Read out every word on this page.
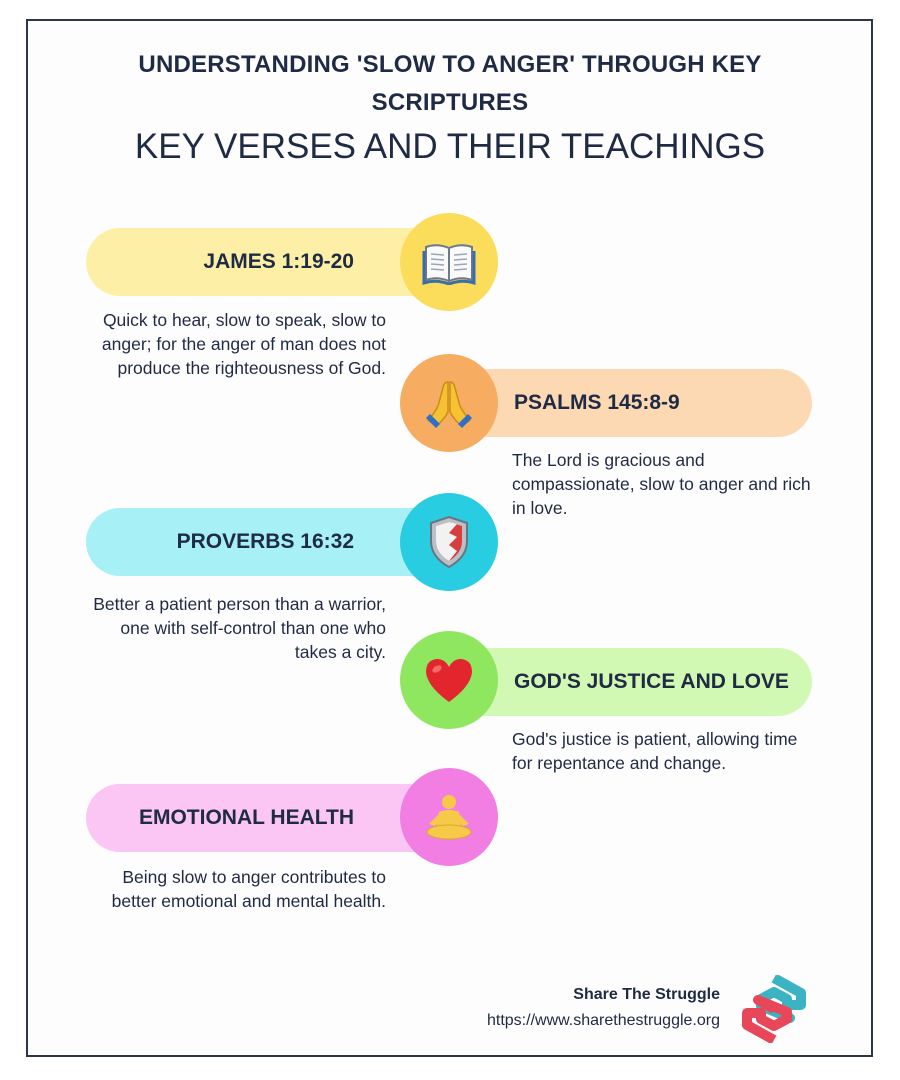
UNDERSTANDING 'SLOW TO ANGER' THROUGH KEY SCRIPTURES
KEY VERSES AND THEIR TEACHINGS
JAMES 1:19-20
Quick to hear, slow to speak, slow to anger; for the anger of man does not produce the righteousness of God.
PSALMS 145:8-9
The Lord is gracious and compassionate, slow to anger and rich in love.
PROVERBS 16:32
Better a patient person than a warrior, one with self-control than one who takes a city.
GOD'S JUSTICE AND LOVE
God's justice is patient, allowing time for repentance and change.
EMOTIONAL HEALTH
Being slow to anger contributes to better emotional and mental health.
Share The Struggle
https://www.sharethestruggle.org
